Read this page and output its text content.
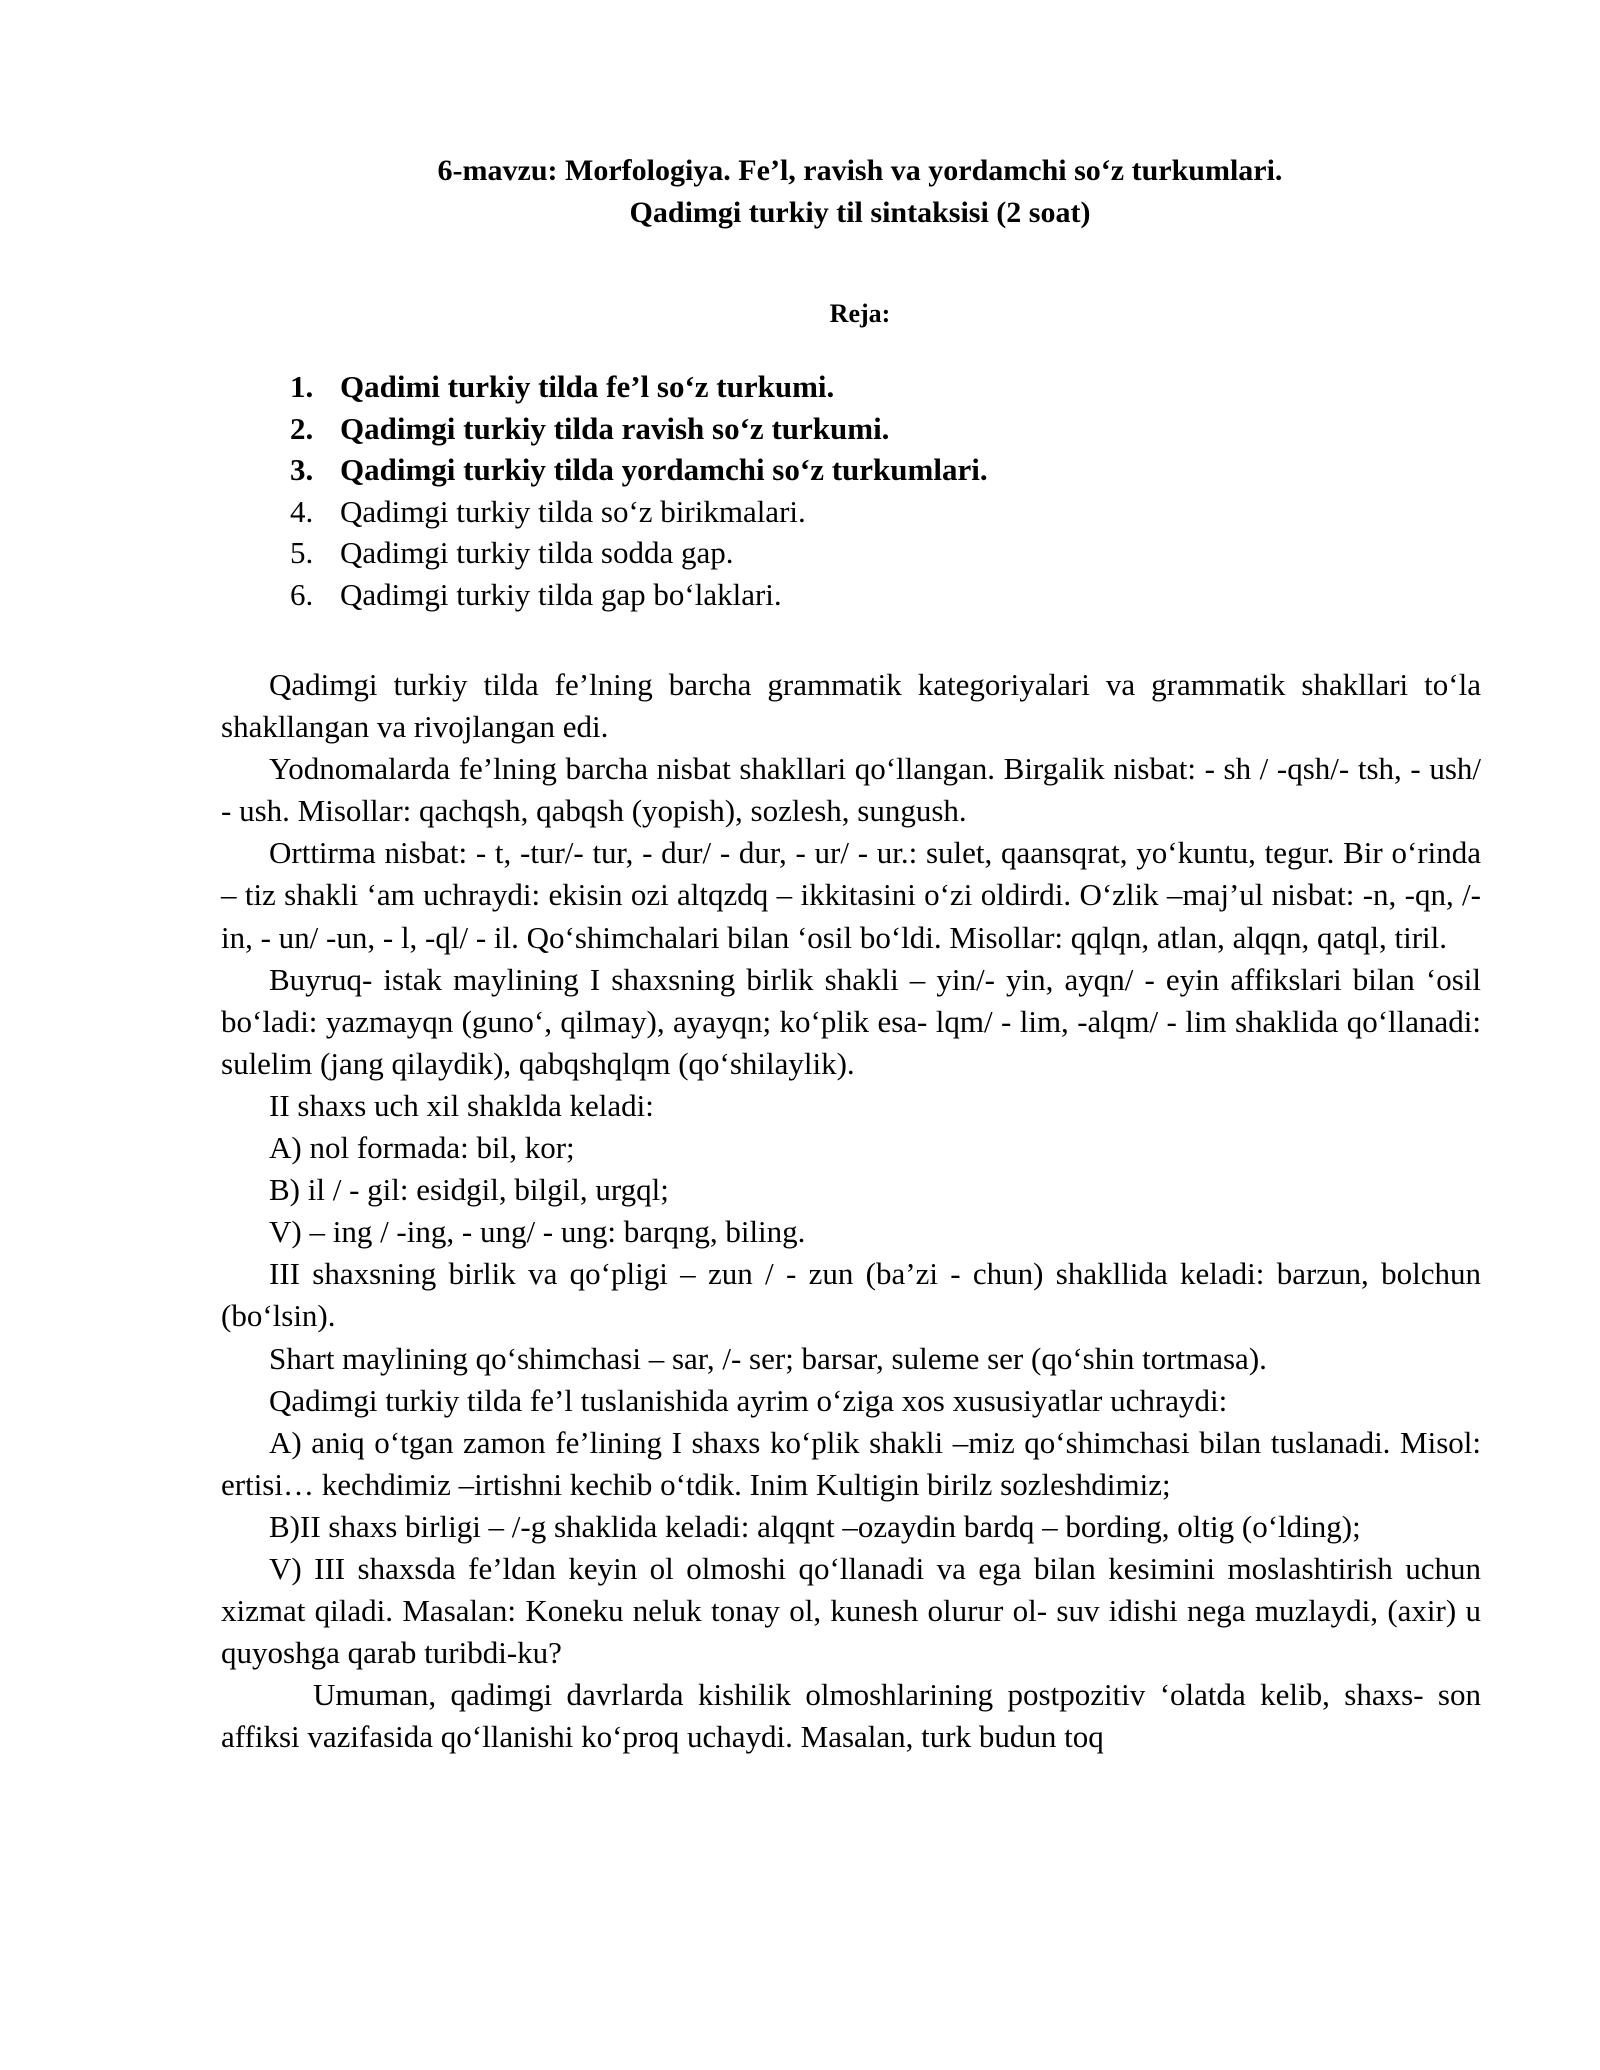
6-mavzu: Morfologiya. Fe’l, ravish va yordamchi so‘z turkumlari.
Qadimgi turkiy til sintaksisi (2 soat)
Reja:
1. Qadimi turkiy tilda fe’l so‘z turkumi.
2. Qadimgi turkiy tilda ravish so‘z turkumi.
3. Qadimgi turkiy tilda yordamchi so‘z turkumlari.
4. Qadimgi turkiy tilda so‘z birikmalari.
5. Qadimgi turkiy tilda sodda gap.
6. Qadimgi turkiy tilda gap bo‘laklari.

Qadimgi turkiy tilda fe’lning barcha grammatik kategoriyalari va grammatik shakllari to‘la shakllangan va rivojlangan edi.

Yodnomalarda fe’lning barcha nisbat shakllari qo‘llangan. Birgalik nisbat: - sh / -qsh/- tsh, - ush/ - ush. Misollar: qachqsh, qabqsh (yopish), sozlesh, sungush.

Orttirma nisbat: - t, -tur/- tur, - dur/ - dur, - ur/ - ur.: sulet, qaansqrat, yo‘kuntu, tegur. Bir o‘rinda – tiz shakli ‘am uchraydi: ekisin ozi altqzdq – ikkitasini o‘zi oldirdi. O‘zlik –maj’ul nisbat: -n, -qn, /- in, - un/ -un, - l, -ql/ - il. Qo‘shimchalari bilan ‘osil bo‘ldi. Misollar: qqlqn, atlan, alqqn, qatql, tiril.

Buyruq- istak maylining I shaxsning birlik shakli – yin/- yin, ayqn/ - eyin affikslari bilan ‘osil bo‘ladi: yazmayqn (guno‘, qilmay), ayayqn; ko‘plik esa- lqm/ - lim, -alqm/ - lim shaklida qo‘llanadi: sulelim (jang qilaydik), qabqshqlqm (qo‘shilaylik).

II shaxs uch xil shaklda keladi:

A) nol formada: bil, kor;

B) il / - gil: esidgil, bilgil, urgql;

V) – ing / -ing, - ung/ - ung: barqng, biling.

III shaxsning birlik va qo‘pligi – zun / - zun (ba’zi - chun) shakllida keladi: barzun, bolchun (bo‘lsin).

Shart maylining qo‘shimchasi – sar, /- ser; barsar, suleme ser (qo‘shin tortmasa).

Qadimgi turkiy tilda fe’l tuslanishida ayrim o‘ziga xos xususiyatlar uchraydi:

A) aniq o‘tgan zamon fe’lining I shaxs ko‘plik shakli –miz qo‘shimchasi bilan tuslanadi. Misol: ertisi… kechdimiz –irtishni kechib o‘tdik. Inim Kultigin birilz sozleshdimiz;

B)II shaxs birligi – /-g shaklida keladi: alqqnt –ozaydin bardq – bording, oltig (o‘lding);

V) III shaxsda fe’ldan keyin ol olmoshi qo‘llanadi va ega bilan kesimini moslashtirish uchun xizmat qiladi. Masalan: Koneku neluk tonay ol, kunesh olurur ol- suv idishi nega muzlaydi, (axir) u quyoshga qarab turibdi-ku?

Umuman, qadimgi davrlarda kishilik olmoshlarining postpozitiv ‘olatda kelib, shaxs- son affiksi vazifasida qo‘llanishi ko‘proq uchaydi. Masalan, turk budun toq
